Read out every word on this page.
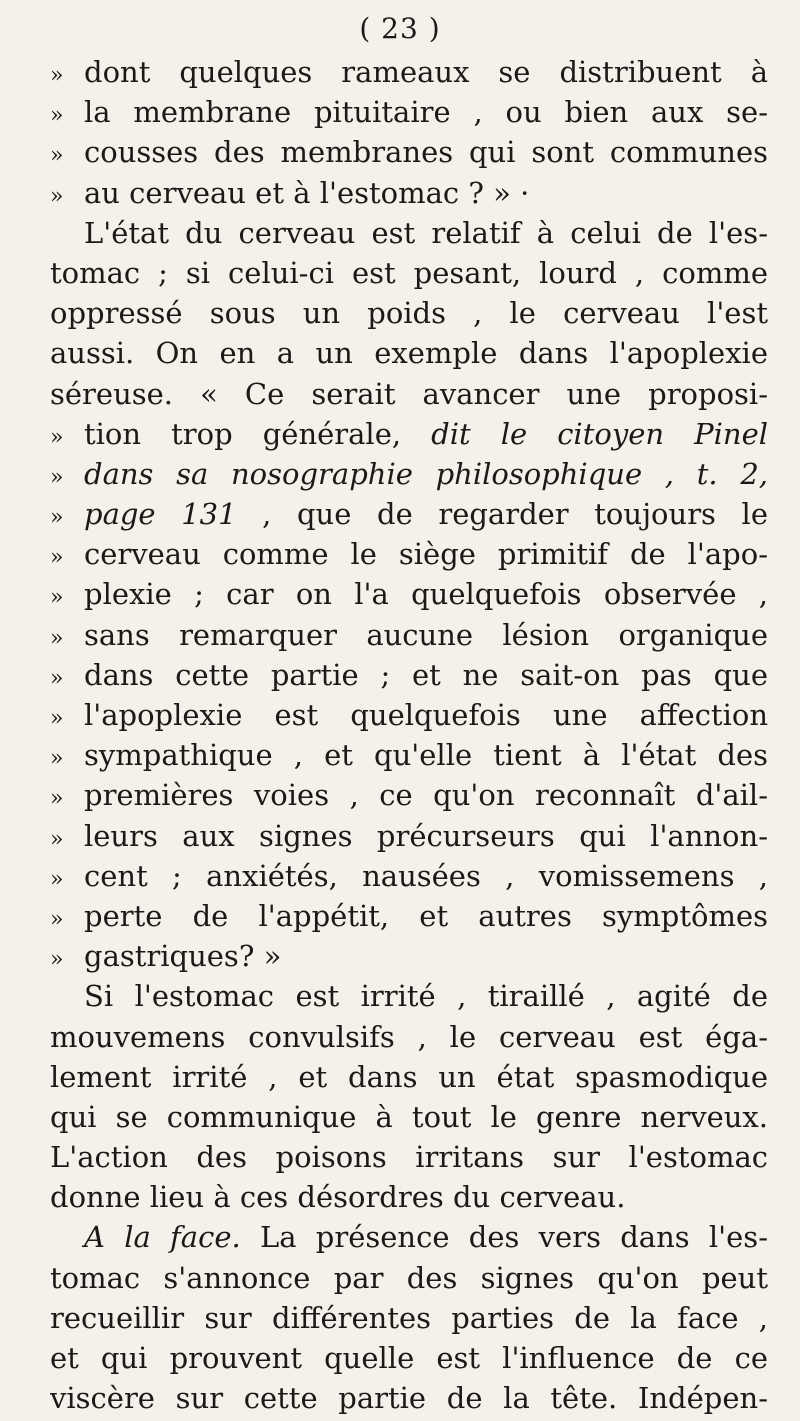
( 23 )
» dont quelques rameaux se distribuent à
» la membrane pituitaire , ou bien aux se-
» cousses des membranes qui sont communes
» au cerveau et à l'estomac ? » ·
L'état du cerveau est relatif à celui de l'es-
tomac ; si celui-ci est pesant, lourd , comme
oppressé sous un poids , le cerveau l'est
aussi. On en a un exemple dans l'apoplexie
séreuse. « Ce serait avancer une proposi-
» tion trop générale, dit le citoyen Pinel
» dans sa nosographie philosophique , t. 2,
» page 131 , que de regarder toujours le
» cerveau comme le siège primitif de l'apo-
» plexie ; car on l'a quelquefois observée ,
» sans remarquer aucune lésion organique
» dans cette partie ; et ne sait-on pas que
» l'apoplexie est quelquefois une affection
» sympathique , et qu'elle tient à l'état des
» premières voies , ce qu'on reconnaît d'ail-
» leurs aux signes précurseurs qui l'annon-
» cent ; anxiétés, nausées , vomissemens ,
» perte de l'appétit, et autres symptômes
» gastriques? »
Si l'estomac est irrité , tiraillé , agité de
mouvemens convulsifs , le cerveau est éga-
lement irrité , et dans un état spasmodique
qui se communique à tout le genre nerveux.
L'action des poisons irritans sur l'estomac
donne lieu à ces désordres du cerveau.
A la face. La présence des vers dans l'es-
tomac s'annonce par des signes qu'on peut
recueillir sur différentes parties de la face ,
et qui prouvent quelle est l'influence de ce
viscère sur cette partie de la tête. Indépen-
